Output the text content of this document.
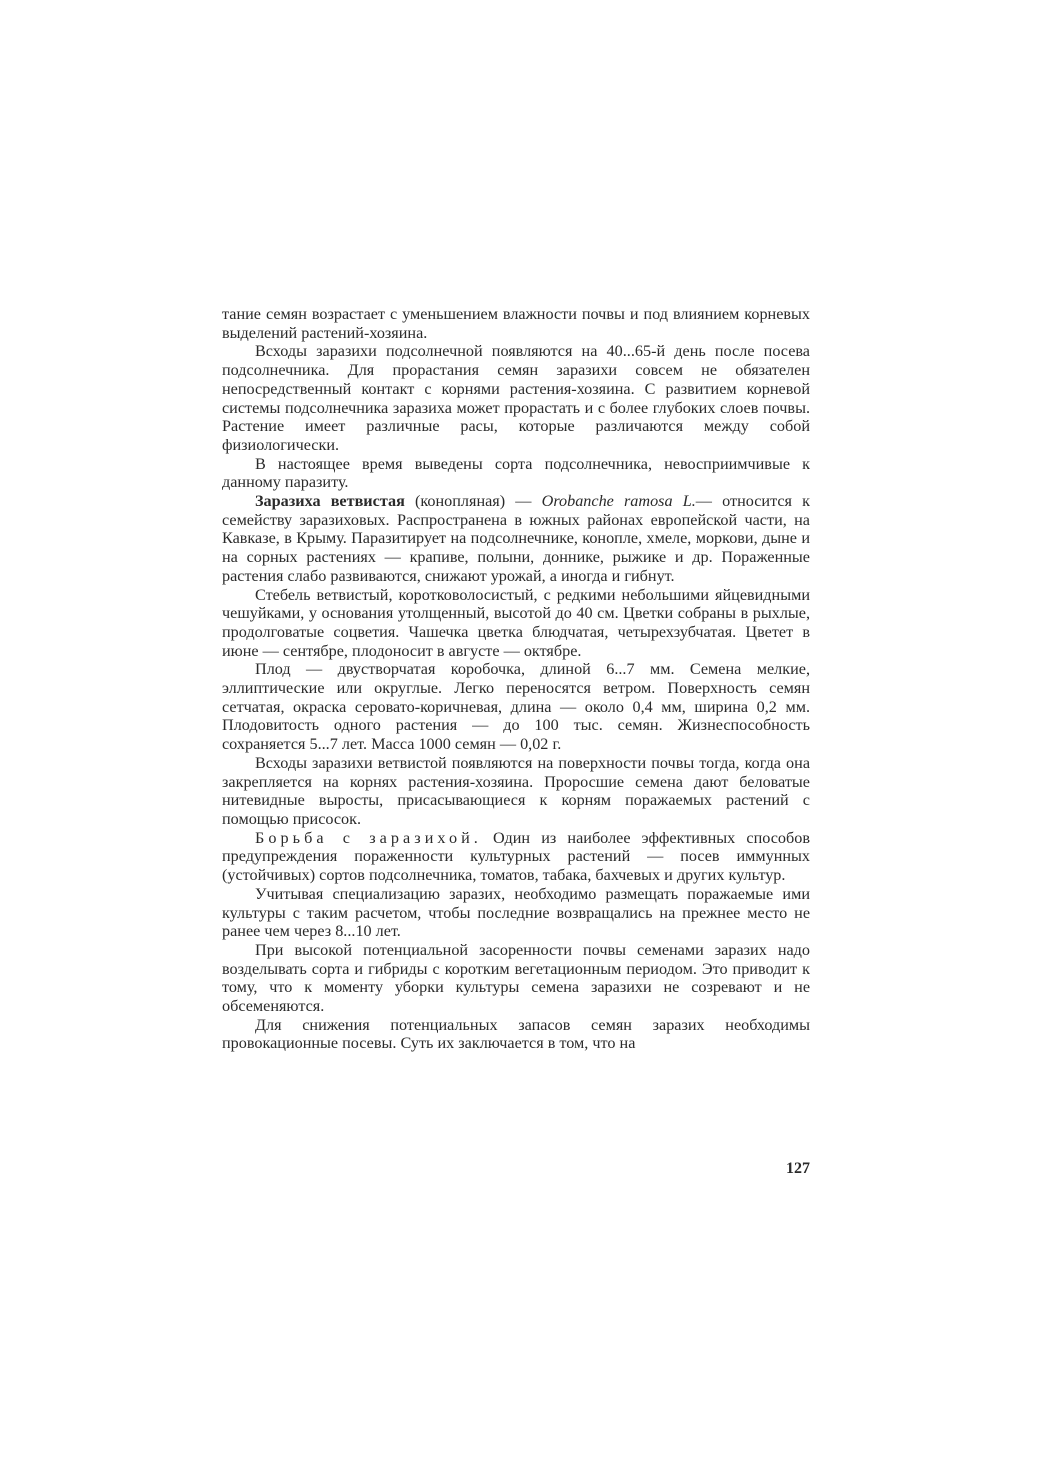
тание семян возрастает с уменьшением влажности почвы и под влиянием корневых выделений растений-хозяина.

Всходы заразихи подсолнечной появляются на 40...65-й день после посева подсолнечника. Для прорастания семян заразихи совсем не обязателен непосредственный контакт с корнями растения-хозяина. С развитием корневой системы подсолнечника заразиха может прорастать и с более глубоких слоев почвы. Растение имеет различные расы, которые различаются между собой физиологически.

В настоящее время выведены сорта подсолнечника, невосприимчивые к данному паразиту.

Заразиха ветвистая (конопляная) — Orobanche ramosa L.— относится к семейству заразиховых. Распространена в южных районах европейской части, на Кавказе, в Крыму. Паразитирует на подсолнечнике, конопле, хмеле, моркови, дыне и на сорных растениях — крапиве, полыни, доннике, рыжике и др. Пораженные растения слабо развиваются, снижают урожай, а иногда и гибнут.

Стебель ветвистый, коротковолосистый, с редкими небольшими яйцевидными чешуйками, у основания утолщенный, высотой до 40 см. Цветки собраны в рыхлые, продолговатые соцветия. Чашечка цветка блюдчатая, четырехзубчатая. Цветет в июне — сентябре, плодоносит в августе — октябре.

Плод — двустворчатая коробочка, длиной 6...7 мм. Семена мелкие, эллиптические или округлые. Легко переносятся ветром. Поверхность семян сетчатая, окраска серовато-коричневая, длина — около 0,4 мм, ширина 0,2 мм. Плодовитость одного растения — до 100 тыс. семян. Жизнеспособность сохраняется 5...7 лет. Масса 1000 семян — 0,02 г.

Всходы заразихи ветвистой появляются на поверхности почвы тогда, когда она закрепляется на корнях растения-хозяина. Проросшие семена дают беловатые нитевидные выросты, присасывающиеся к корням поражаемых растений с помощью присосок.

Борьба с заразихой. Один из наиболее эффективных способов предупреждения пораженности культурных растений — посев иммунных (устойчивых) сортов подсолнечника, томатов, табака, бахчевых и других культур.

Учитывая специализацию заразих, необходимо размещать поражаемые ими культуры с таким расчетом, чтобы последние возвращались на прежнее место не ранее чем через 8...10 лет.

При высокой потенциальной засоренности почвы семенами заразих надо возделывать сорта и гибриды с коротким вегетационным периодом. Это приводит к тому, что к моменту уборки культуры семена заразихи не созревают и не обсеменяются.

Для снижения потенциальных запасов семян заразих необходимы провокационные посевы. Суть их заключается в том, что на

127
